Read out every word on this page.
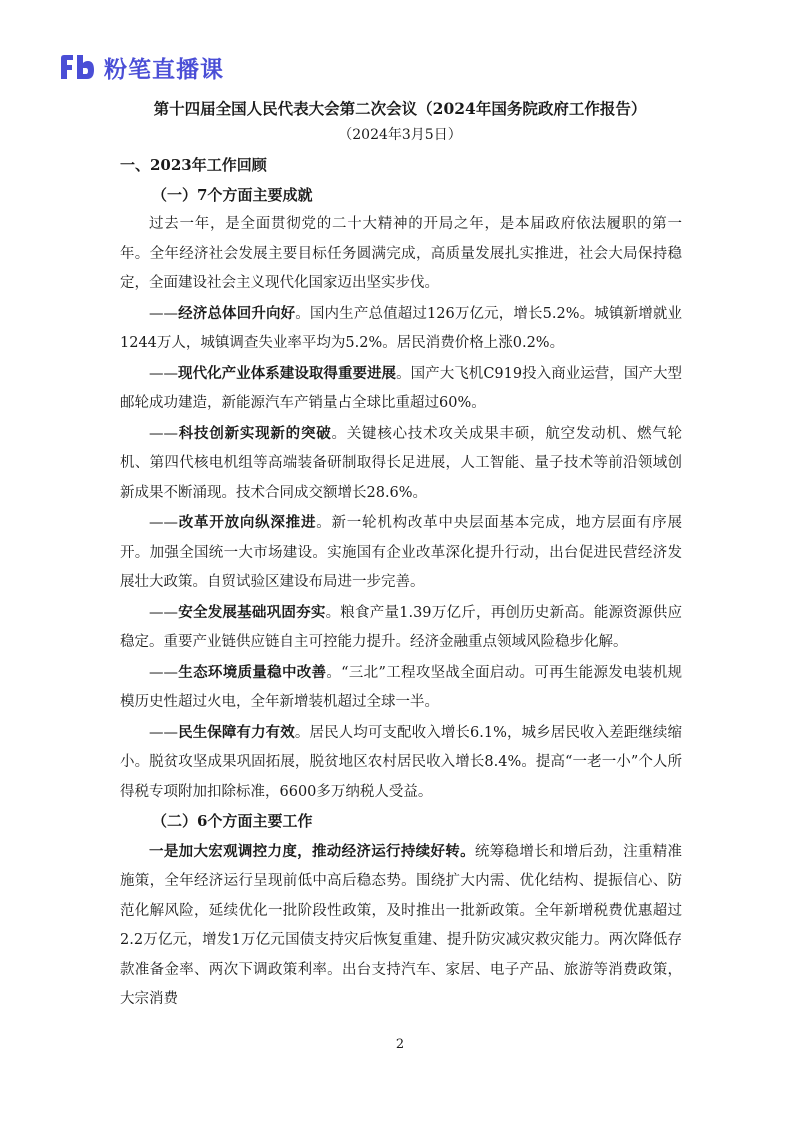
粉笔直播课
第十四届全国人民代表大会第二次会议（2024年国务院政府工作报告）
（2024年3月5日）

一、2023年工作回顾

（一）7个方面主要成就

过去一年，是全面贯彻党的二十大精神的开局之年，是本届政府依法履职的第一年。全年经济社会发展主要目标任务圆满完成，高质量发展扎实推进，社会大局保持稳定，全面建设社会主义现代化国家迈出坚实步伐。

——经济总体回升向好。国内生产总值超过126万亿元，增长5.2%。城镇新增就业1244万人，城镇调查失业率平均为5.2%。居民消费价格上涨0.2%。

——现代化产业体系建设取得重要进展。国产大飞机C919投入商业运营，国产大型邮轮成功建造，新能源汽车产销量占全球比重超过60%。

——科技创新实现新的突破。关键核心技术攻关成果丰硕，航空发动机、燃气轮机、第四代核电机组等高端装备研制取得长足进展，人工智能、量子技术等前沿领域创新成果不断涌现。技术合同成交额增长28.6%。

——改革开放向纵深推进。新一轮机构改革中央层面基本完成，地方层面有序展开。加强全国统一大市场建设。实施国有企业改革深化提升行动，出台促进民营经济发展壮大政策。自贸试验区建设布局进一步完善。

——安全发展基础巩固夯实。粮食产量1.39万亿斤，再创历史新高。能源资源供应稳定。重要产业链供应链自主可控能力提升。经济金融重点领域风险稳步化解。

——生态环境质量稳中改善。“三北”工程攻坚战全面启动。可再生能源发电装机规模历史性超过火电，全年新增装机超过全球一半。

——民生保障有力有效。居民人均可支配收入增长6.1%，城乡居民收入差距继续缩小。脱贫攻坚成果巩固拓展，脱贫地区农村居民收入增长8.4%。提高“一老一小”个人所得税专项附加扣除标准，6600多万纳税人受益。

（二）6个方面主要工作

一是加大宏观调控力度，推动经济运行持续好转。统筹稳增长和增后劲，注重精准施策，全年经济运行呈现前低中高后稳态势。围绕扩大内需、优化结构、提振信心、防范化解风险，延续优化一批阶段性政策，及时推出一批新政策。全年新增税费优惠超过2.2万亿元，增发1万亿元国债支持灾后恢复重建、提升防灾减灾救灾能力。两次降低存款准备金率、两次下调政策利率。出台支持汽车、家居、电子产品、旅游等消费政策，大宗消费

2
